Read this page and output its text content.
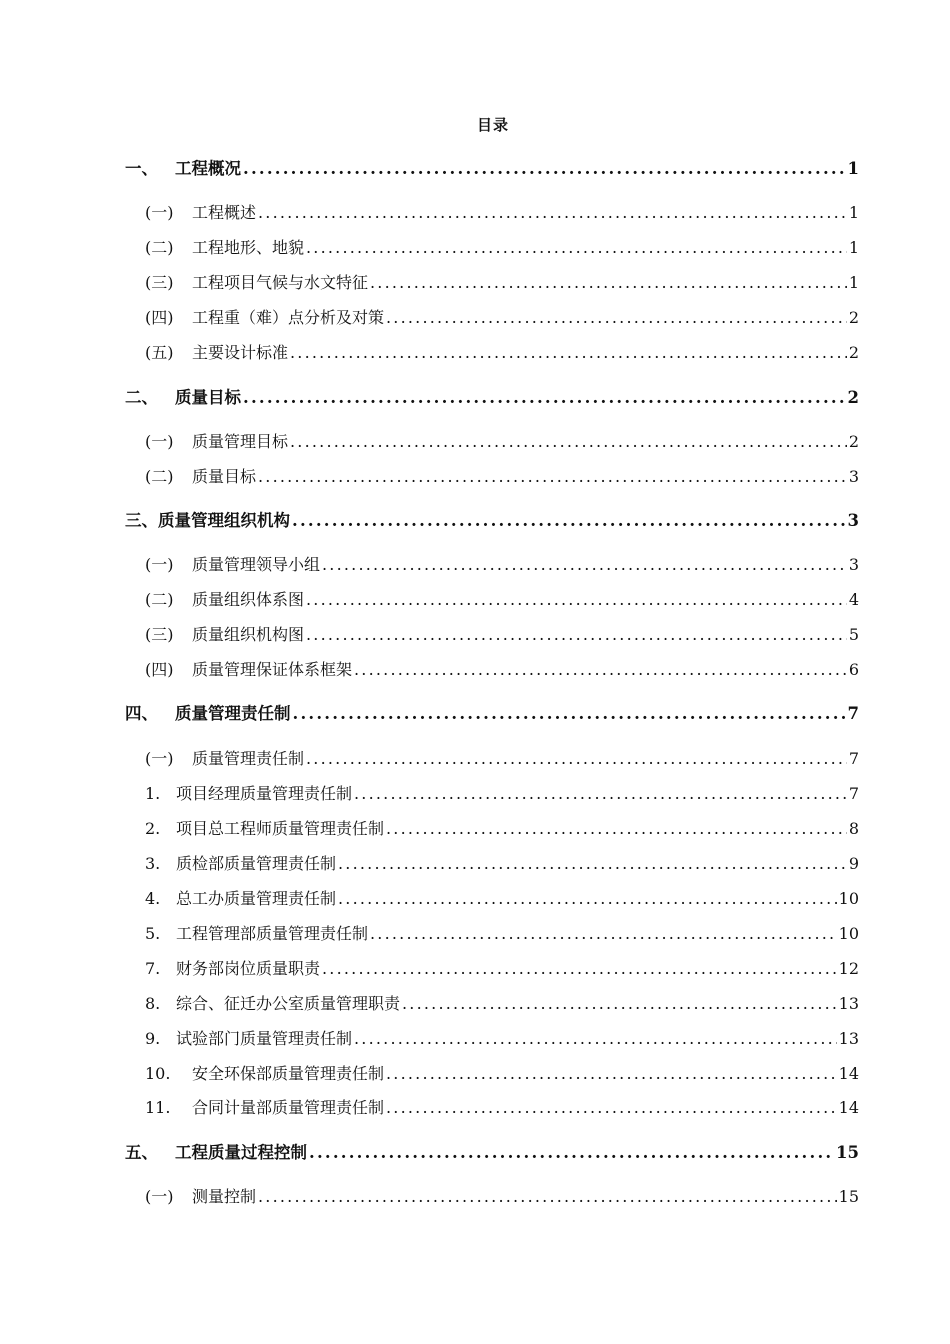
目录
一、	工程概况 .....	1
(一)	工程概述 .....	1
(二)	工程地形、地貌 .....	1
(三)	工程项目气候与水文特征 .....	1
(四)	工程重（难）点分析及对策 .....	2
(五)	主要设计标准 .....	2
二、	质量目标 .....	2
(一)	质量管理目标 .....	2
(二)	质量目标 .....	3
三、 质量管理组织机构 .....	3
(一)	质量管理领导小组 .....	3
(二)	质量组织体系图 .....	4
(三)	质量组织机构图 .....	5
(四)	质量管理保证体系框架 .....	6
四、	质量管理责任制 .....	7
(一)	质量管理责任制 .....	7
1. 项目经理质量管理责任制 .....	7
2. 项目总工程师质量管理责任制 .....	8
3. 质检部质量管理责任制 .....	9
4. 总工办质量管理责任制 .....	10
5. 工程管理部质量管理责任制 .....	10
7. 财务部岗位质量职责 .....	12
8. 综合、征迁办公室质量管理职责 .....	13
9. 试验部门质量管理责任制 .....	13
10.	安全环保部质量管理责任制 .....	14
11.	合同计量部质量管理责任制 .....	14
五、	工程质量过程控制 .....	15
(一)	测量控制 .....	15
